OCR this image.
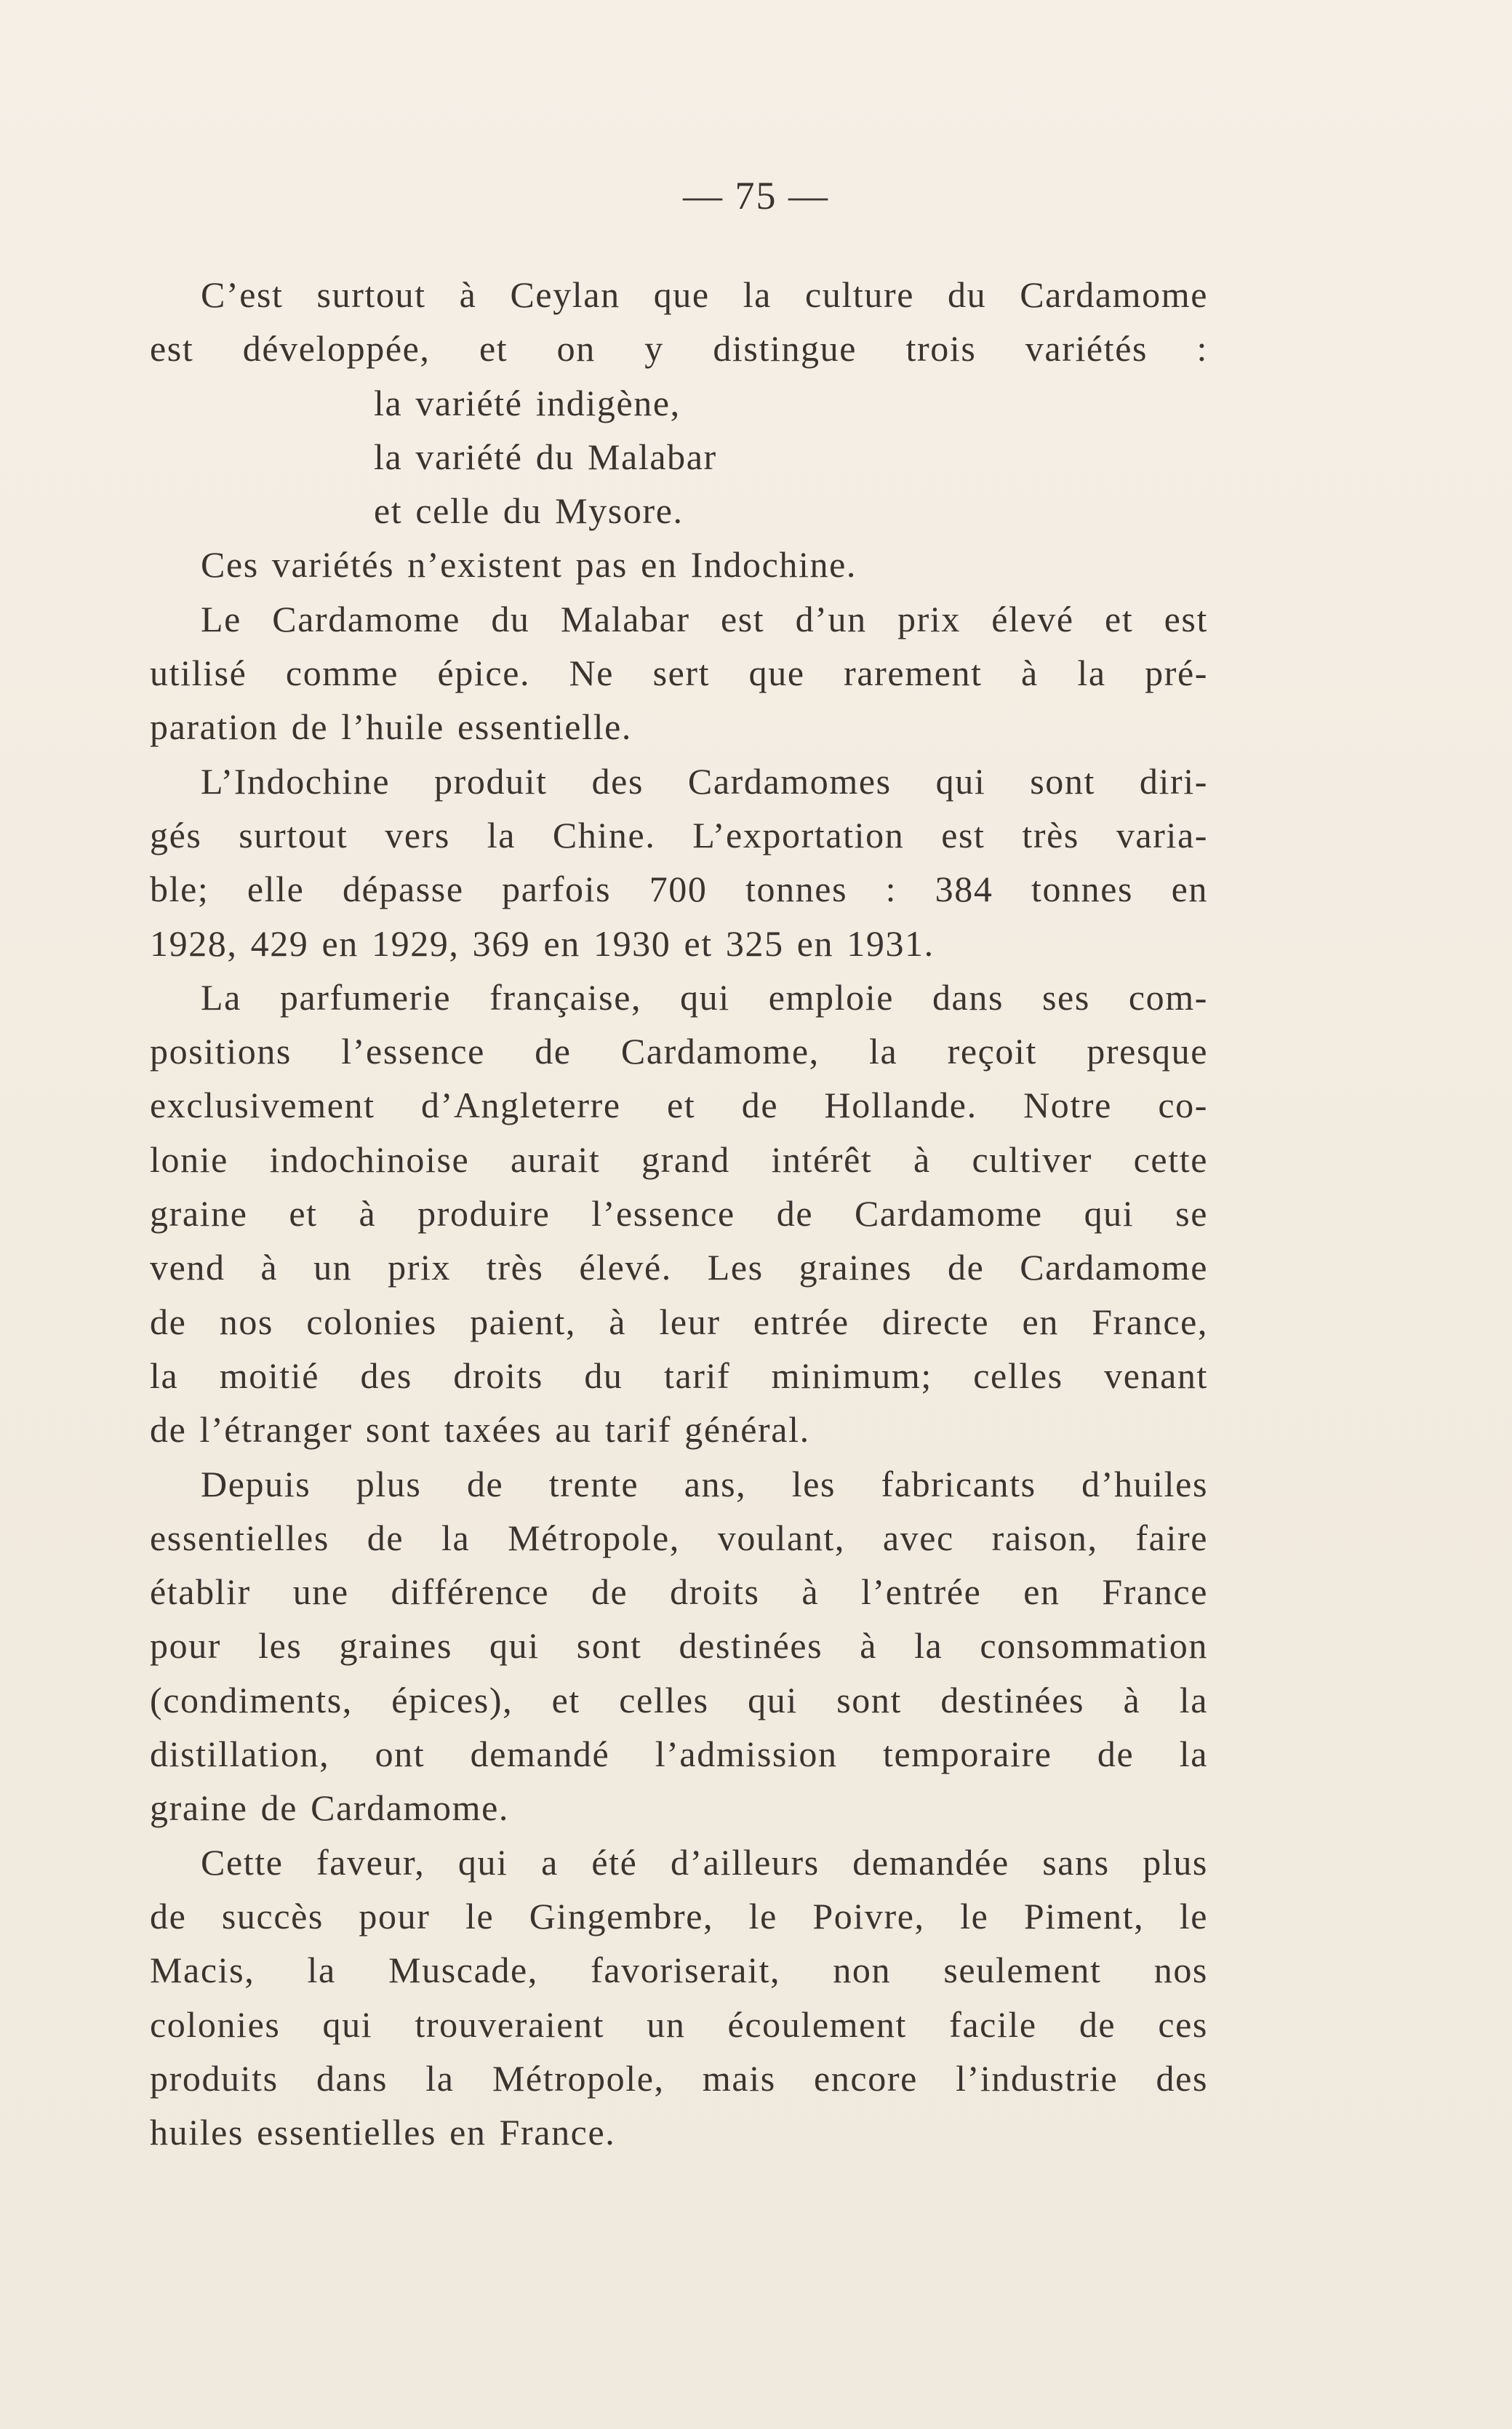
— 75 —
C’est surtout à Ceylan que la culture du Cardamome
est développée, et on y distingue trois variétés :
la variété indigène,
la variété du Malabar
et celle du Mysore.
Ces variétés n’existent pas en Indochine.
Le Cardamome du Malabar est d’un prix élevé et est
utilisé comme épice. Ne sert que rarement à la pré-
paration de l’huile essentielle.
L’Indochine produit des Cardamomes qui sont diri-
gés surtout vers la Chine. L’exportation est très varia-
ble; elle dépasse parfois 700 tonnes : 384 tonnes en
1928, 429 en 1929, 369 en 1930 et 325 en 1931.
La parfumerie française, qui emploie dans ses com-
positions l’essence de Cardamome, la reçoit presque
exclusivement d’Angleterre et de Hollande. Notre co-
lonie indochinoise aurait grand intérêt à cultiver cette
graine et à produire l’essence de Cardamome qui se
vend à un prix très élevé. Les graines de Cardamome
de nos colonies paient, à leur entrée directe en France,
la moitié des droits du tarif minimum; celles venant
de l’étranger sont taxées au tarif général.
Depuis plus de trente ans, les fabricants d’huiles
essentielles de la Métropole, voulant, avec raison, faire
établir une différence de droits à l’entrée en France
pour les graines qui sont destinées à la consommation
(condiments, épices), et celles qui sont destinées à la
distillation, ont demandé l’admission temporaire de la
graine de Cardamome.
Cette faveur, qui a été d’ailleurs demandée sans plus
de succès pour le Gingembre, le Poivre, le Piment, le
Macis, la Muscade, favoriserait, non seulement nos
colonies qui trouveraient un écoulement facile de ces
produits dans la Métropole, mais encore l’industrie des
huiles essentielles en France.
